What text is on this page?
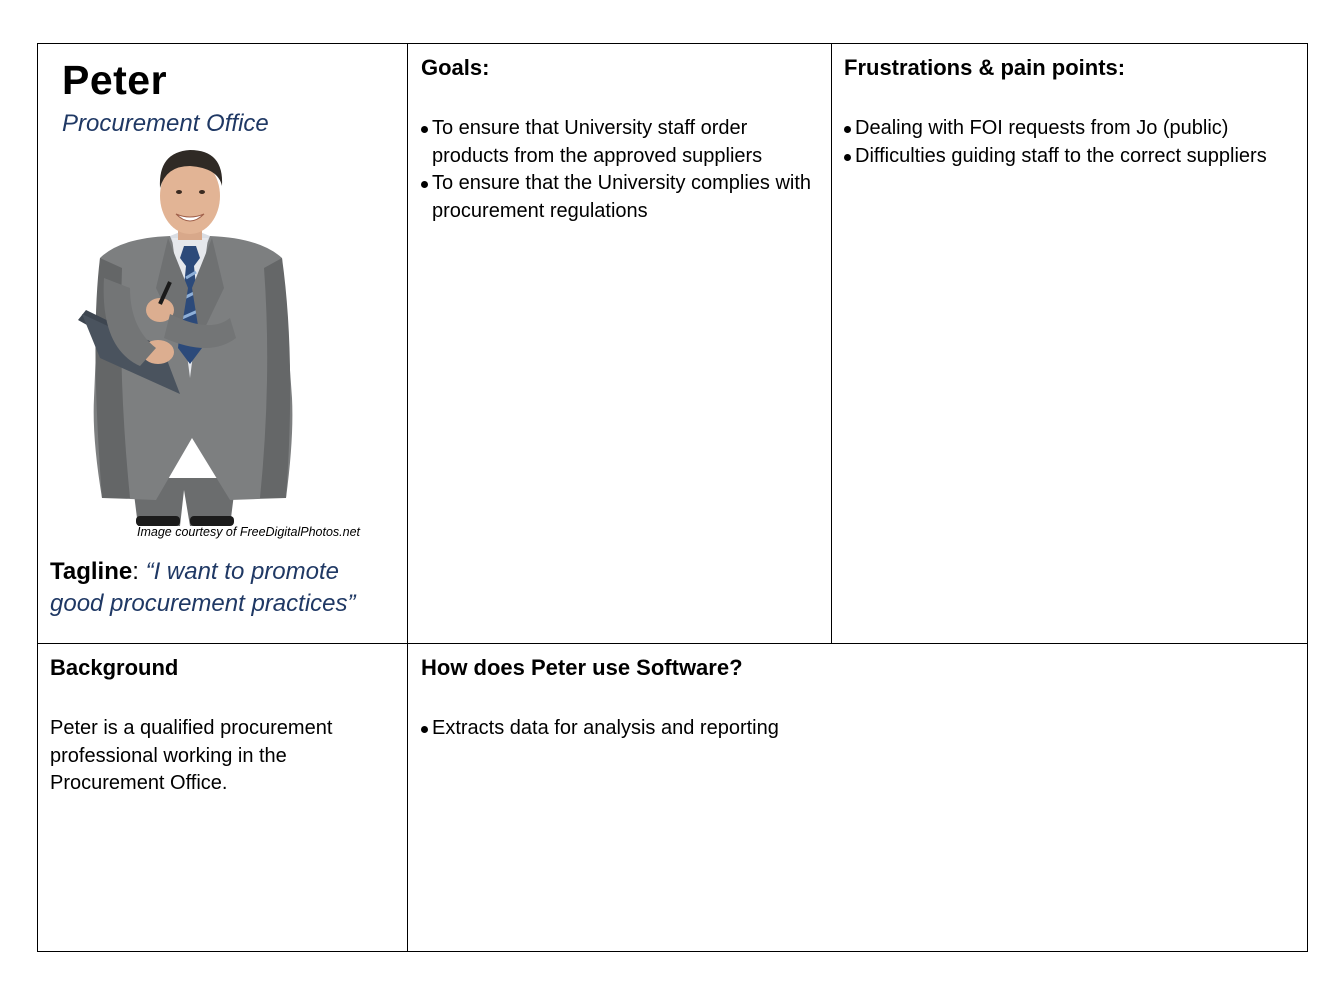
Peter
Procurement Office
Image courtesy of FreeDigitalPhotos.net
Tagline: “I want to promote good procurement practices”
Goals:
To ensure that University staff order products from the approved suppliers
To ensure that the University complies with procurement regulations
Frustrations & pain points:
Dealing with FOI requests from Jo (public)
Difficulties guiding staff to the correct suppliers
Background
Peter is a qualified procurement professional working in the Procurement Office.
How does Peter use Software?
Extracts data for analysis and reporting
